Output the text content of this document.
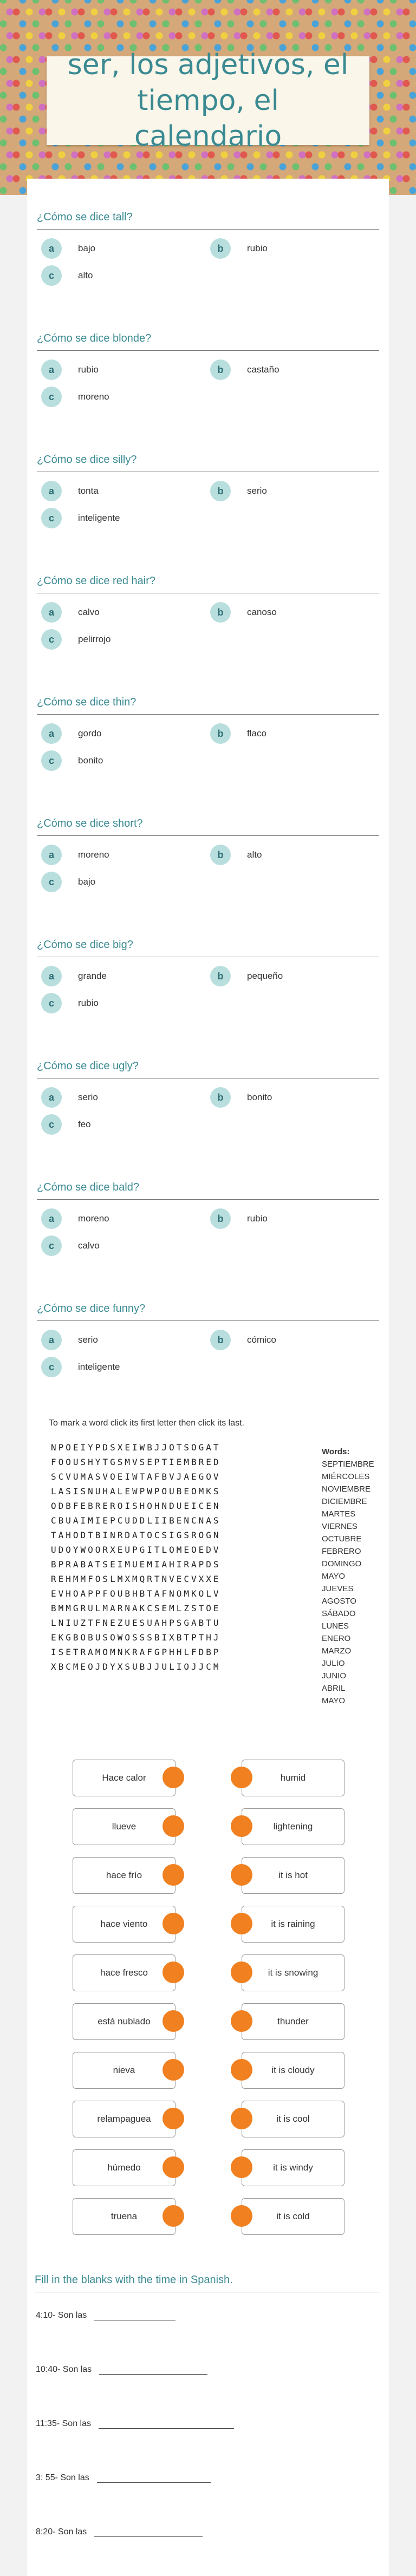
ser, los adjetivos, el tiempo, el calendario
¿Cómo se dice tall?
a	bajo	b	rubio
c	alto
¿Cómo se dice blonde?
a	rubio	b	castaño
c	moreno
¿Cómo se dice silly?
a	tonta	b	serio
c	inteligente
¿Cómo se dice red hair?
a	calvo	b	canoso
c	pelirrojo
¿Cómo se dice thin?
a	gordo	b	flaco
c	bonito
¿Cómo se dice short?
a	moreno	b	alto
c	bajo
¿Cómo se dice big?
a	grande	b	pequeño
c	rubio
¿Cómo se dice ugly?
a	serio	b	bonito
c	feo
¿Cómo se dice bald?
a	moreno	b	rubio
c	calvo
¿Cómo se dice funny?
a	serio	b	cómico
c	inteligente
To mark a word click its first letter then click its last.
NPOEIYPDSXEIWBJJOTSOGAT
FOOUSHYTGSMVSEPTIEMBRED
SCVUMASVOEIWTAFBVJAEGOV
LASISNUHALEWPWPOUBEOMKS
ODBFEBREROISHOHNDUEICEN
CBUAIMIEPCUDDLIIBENCNAS
TAHODTBINRDATOCSIGSROGN
UDOYWOORXEUPGITLOMEOEDV
BPRABATSEIMUEMIAHIRAPDS
REHMMFOSLMXMQRTNVECVXXE
EVHOAPPFOUBHBTAFNOMKOLV
BMMGRULMARNAKCSEMLZSTOE
LNIUZTFNEZUESUAHPSGABTU
EKGBOBUSOWOSSSBIXBTPTHJ
ISETRAMOMNKRAFGPHHLFDBP
XBCMEOJDYXSUBJJULIOJJCM
Words:
SEPTIEMBRE
MIÉRCOLES
NOVIEMBRE
DICIEMBRE
MARTES
VIERNES
OCTUBRE
FEBRERO
DOMINGO
MAYO
JUEVES
AGOSTO
SÁBADO
LUNES
ENERO
MARZO
JULIO
JUNIO
ABRIL
MAYO
Hace calor	humid
llueve	lightening
hace frío	it is hot
hace viento	it is raining
hace fresco	it is snowing
está nublado	thunder
nieva	it is cloudy
relampaguea	it is cool
húmedo	it is windy
truena	it is cold
Fill in the blanks with the time in Spanish.
4:10- Son las
10:40- Son las
11:35- Son las
3: 55- Son las
8:20- Son las
